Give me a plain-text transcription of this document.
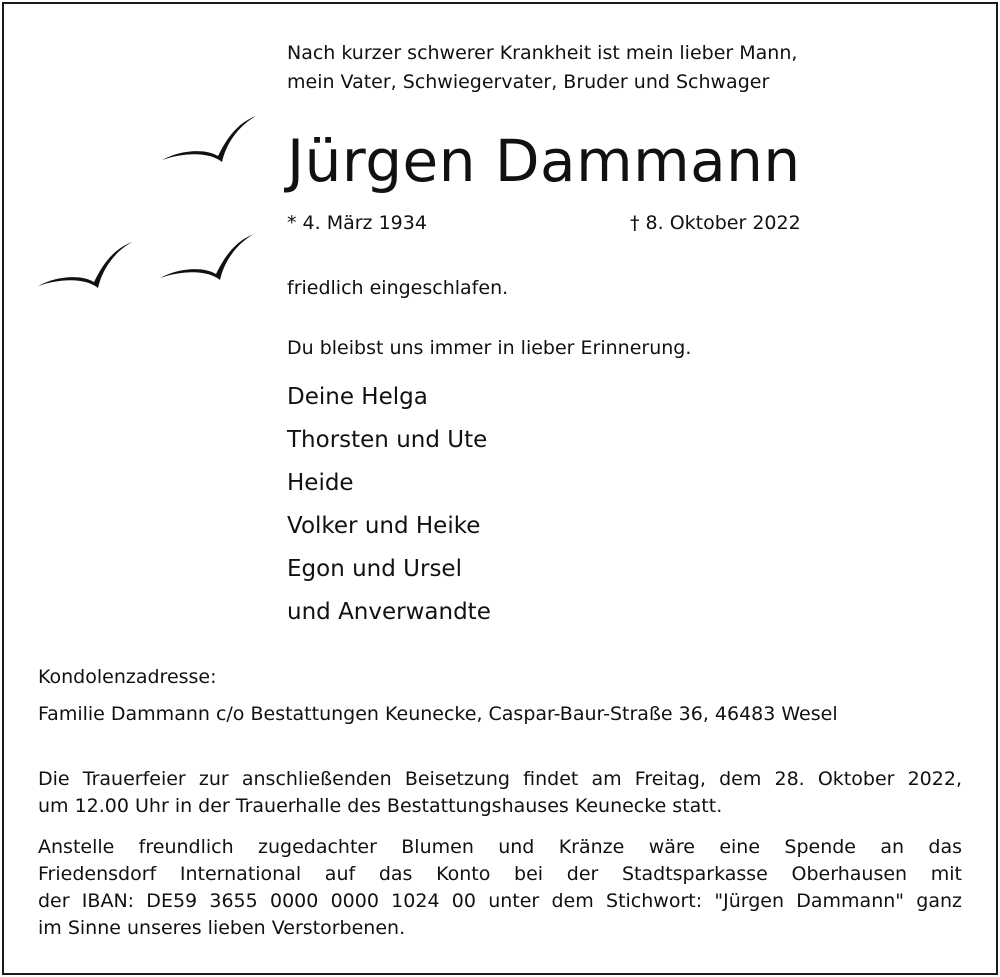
Nach kurzer schwerer Krankheit ist mein lieber Mann,

mein Vater, Schwiegervater, Bruder und Schwager

Jürgen Dammann

* 4. März 1934	† 8. Oktober 2022

friedlich eingeschlafen.

Du bleibst uns immer in lieber Erinnerung.

Deine Helga

Thorsten und Ute

Heide

Volker und Heike

Egon und Ursel

und Anverwandte

Kondolenzadresse:

Familie Dammann c/o Bestattungen Keunecke, Caspar-Baur-Straße 36, 46483 Wesel

Die Trauerfeier zur anschließenden Beisetzung findet am Freitag, dem 28. Oktober 2022,

um 12.00 Uhr in der Trauerhalle des Bestattungshauses Keunecke statt.

Anstelle freundlich zugedachter Blumen und Kränze wäre eine Spende an das

Friedensdorf International auf das Konto bei der Stadtsparkasse Oberhausen mit

der IBAN: DE59 3655 0000 0000 1024 00 unter dem Stichwort: "Jürgen Dammann" ganz

im Sinne unseres lieben Verstorbenen.
